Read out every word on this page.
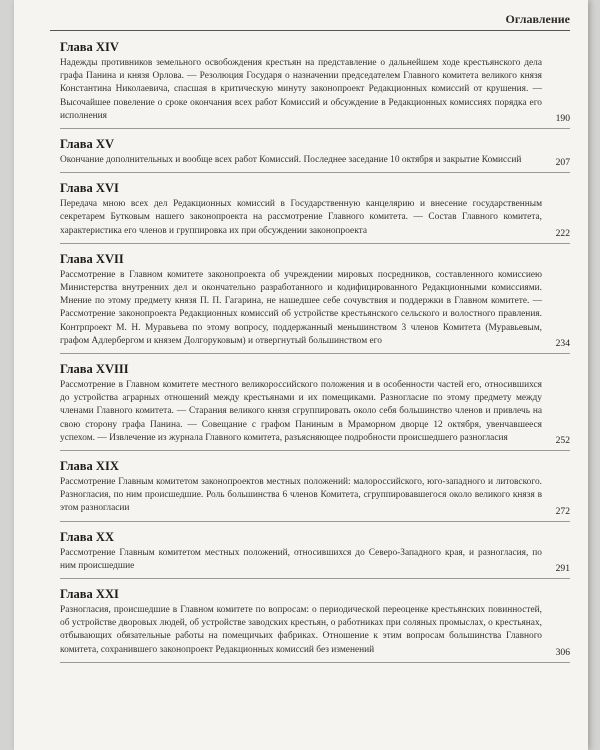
Оглавление
Глава XIV
Надежды противников земельного освобождения крестьян на представление о дальнейшем ходе крестьянского дела графа Панина и князя Орлова. — Резолюция Государя о назначении председателем Главного комитета великого князя Константина Николаевича, спасшая в критическую минуту законопроект Редакционных комиссий от крушения. — Высочайшее повеление о сроке окончания всех работ Комиссий и обсуждение в Редакционных комиссиях порядка его исполнения	190
Глава XV
Окончание дополнительных и вообще всех работ Комиссий. Последнее заседание 10 октября и закрытие Комиссий	207
Глава XVI
Передача мною всех дел Редакционных комиссий в Государственную канцелярию и внесение государственным секретарем Бутковым нашего законопроекта на рассмотрение Главного комитета. — Состав Главного комитета, характеристика его членов и группировка их при обсуждении законопроекта	222
Глава XVII
Рассмотрение в Главном комитете законопроекта об учреждении мировых посредников, составленного комиссиею Министерства внутренних дел и окончательно разработанного и кодифицированного Редакционными комиссиями. Мнение по этому предмету князя П. П. Гагарина, не нашедшее себе сочувствия и поддержки в Главном комитете. — Рассмотрение законопроекта Редакционных комиссий об устройстве крестьянского сельского и волостного правления. Контрпроект М. Н. Муравьева по этому вопросу, поддержанный меньшинством 3 членов Комитета (Муравьевым, графом Адлербергом и князем Долгоруковым) и отвергнутый большинством его	234
Глава XVIII
Рассмотрение в Главном комитете местного великороссийского положения и в особенности частей его, относившихся до устройства аграрных отношений между крестьянами и их помещиками. Разногласие по этому предмету между членами Главного комитета. — Старания великого князя сгруппировать около себя большинство членов и привлечь на свою сторону графа Панина. — Совещание с графом Паниным в Мраморном дворце 12 октября, увенчавшееся успехом. — Извлечение из журнала Главного комитета, разъясняющее подробности происшедшего разногласия	252
Глава XIX
Рассмотрение Главным комитетом законопроектов местных положений: малороссийского, юго-западного и литовского. Разногласия, по ним происшедшие. Роль большинства 6 членов Комитета, сгруппировавшегося около великого князя в этом разногласии	272
Глава XX
Рассмотрение Главным комитетом местных положений, относившихся до Северо-Западного края, и разногласия, по ним происшедшие	291
Глава XXI
Разногласия, происшедшие в Главном комитете по вопросам: о периодической переоценке крестьянских повинностей, об устройстве дворовых людей, об устройстве заводских крестьян, о работниках при соляных промыслах, о крестьянах, отбывающих обязательные работы на помещичьих фабриках. Отношение к этим вопросам большинства Главного комитета, сохранившего законопроект Редакционных комиссий без изменений	306
